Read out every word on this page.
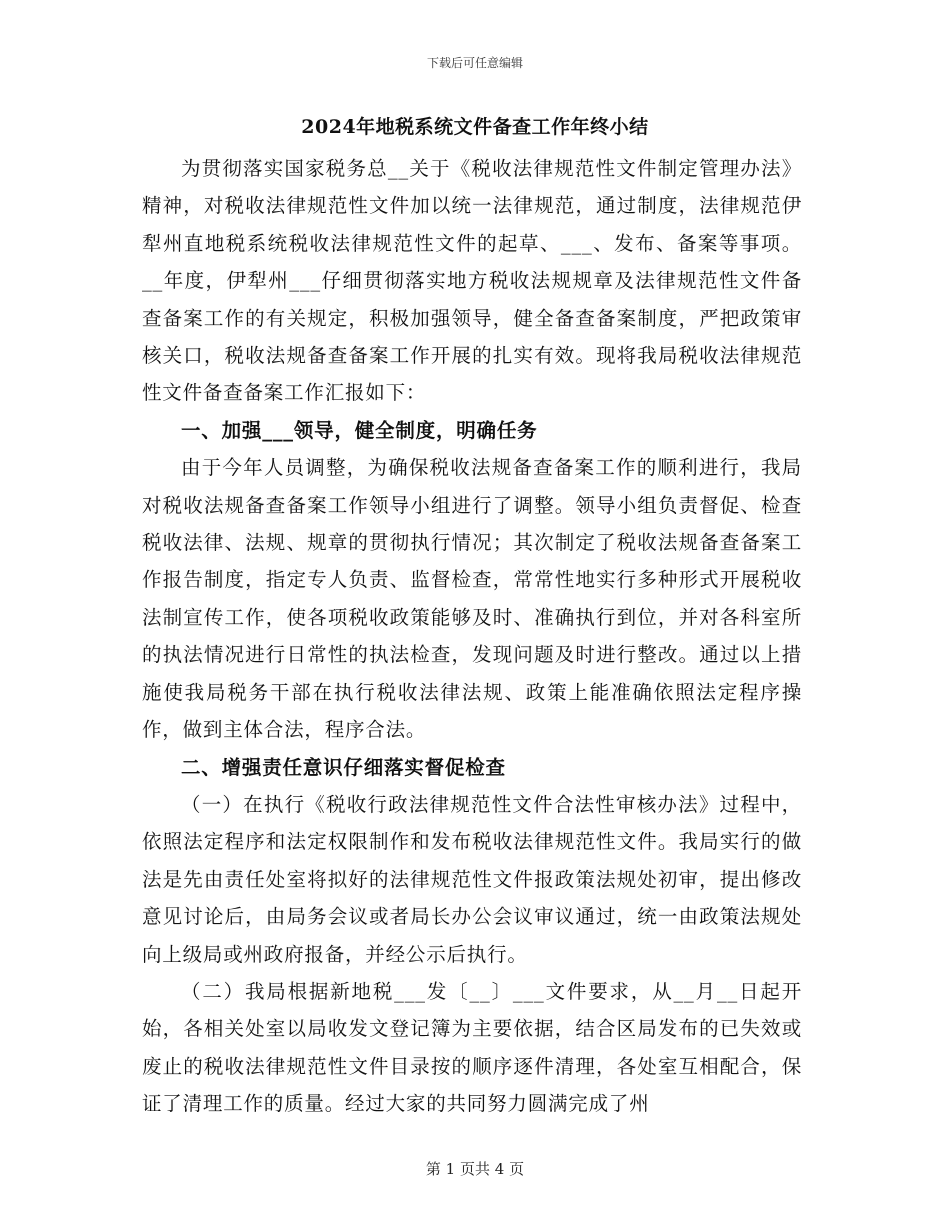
下载后可任意编辑
2024年地税系统文件备查工作年终小结

为贯彻落实国家税务总__关于《税收法律规范性文件制定管理办法》精神，对税收法律规范性文件加以统一法律规范，通过制度，法律规范伊犁州直地税系统税收法律规范性文件的起草、___、发布、备案等事项。__年度，伊犁州___仔细贯彻落实地方税收法规规章及法律规范性文件备查备案工作的有关规定，积极加强领导，健全备查备案制度，严把政策审核关口，税收法规备查备案工作开展的扎实有效。现将我局税收法律规范性文件备查备案工作汇报如下：

一、加强___领导，健全制度，明确任务

由于今年人员调整，为确保税收法规备查备案工作的顺利进行，我局对税收法规备查备案工作领导小组进行了调整。领导小组负责督促、检查税收法律、法规、规章的贯彻执行情况；其次制定了税收法规备查备案工作报告制度，指定专人负责、监督检查，常常性地实行多种形式开展税收法制宣传工作，使各项税收政策能够及时、准确执行到位，并对各科室所的执法情况进行日常性的执法检查，发现问题及时进行整改。通过以上措施使我局税务干部在执行税收法律法规、政策上能准确依照法定程序操作，做到主体合法，程序合法。

二、增强责任意识仔细落实督促检查

（一）在执行《税收行政法律规范性文件合法性审核办法》过程中，依照法定程序和法定权限制作和发布税收法律规范性文件。我局实行的做法是先由责任处室将拟好的法律规范性文件报政策法规处初审，提出修改意见讨论后，由局务会议或者局长办公会议审议通过，统一由政策法规处向上级局或州政府报备，并经公示后执行。

（二）我局根据新地税___发〔__〕___文件要求，从__月__日起开始，各相关处室以局收发文登记簿为主要依据，结合区局发布的已失效或废止的税收法律规范性文件目录按的顺序逐件清理，各处室互相配合，保证了清理工作的质量。经过大家的共同努力圆满完成了州

第 1 页共 4 页
